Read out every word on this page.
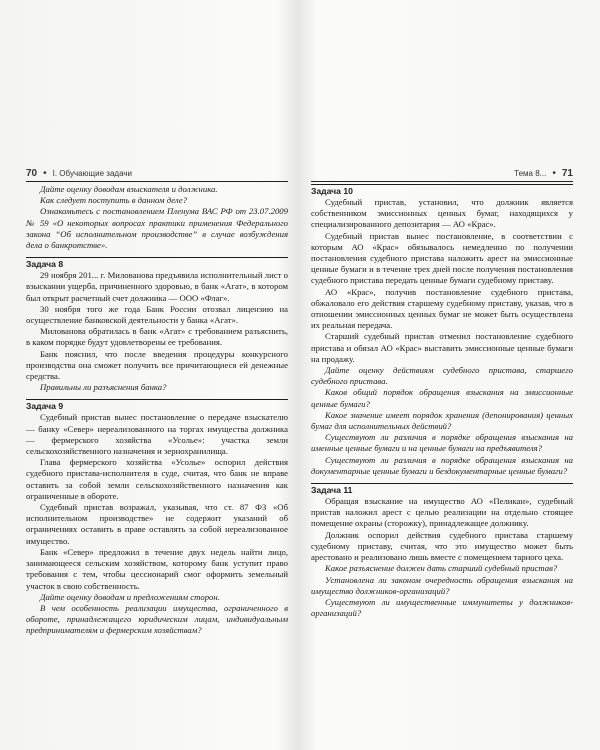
70 • I. Обучающие задачи

Дайте оценку доводам взыскателя и должника.

Как следует поступить в данном деле?

Ознакомьтесь с постановлением Пленума ВАС РФ от 23.07.2009 № 59 «О некоторых вопросах практики применения Федерального закона “Об исполнительном производстве” в случае возбуждения дела о банкротстве».

Задача 8

29 ноября 201... г. Милованова предъявила исполнительный лист о взыскании ущерба, причиненного здоровью, в банк «Агат», в котором был открыт расчетный счет должника — ООО «Флаг».

30 ноября того же года Банк России отозвал лицензию на осуществление банковской деятельности у банка «Агат».

Милованова обратилась в банк «Агат» с требованием разъяснить, в каком порядке будут удовлетворены ее требования.

Банк пояснил, что после введения процедуры конкурсного производства она сможет получить все причитающиеся ей денежные средства.

Правильны ли разъяснения банка?

Задача 9

Судебный пристав вынес постановление о передаче взыскателю — банку «Север» нереализованного на торгах имущества должника — фермерского хозяйства «Усолье»: участка земли сельскохозяйственного назначения и зернохранилища.

Глава фермерского хозяйства «Усолье» оспорил действия судебного пристава-исполнителя в суде, считая, что банк не вправе оставить за собой земли сельскохозяйственного назначения как ограниченные в обороте.

Судебный пристав возражал, указывая, что ст. 87 ФЗ «Об исполнительном производстве» не содержит указаний об ограничениях оставить в праве оставлять за собой нереализованное имущество.

Банк «Север» предложил в течение двух недель найти лицо, занимающееся сельским хозяйством, которому банк уступит право требования с тем, чтобы цессионарий смог оформить земельный участок в свою собственность.

Дайте оценку доводам и предложениям сторон.

В чем особенность реализации имущества, ограниченного в обороте, принадлежащего юридическим лицам, индивидуальным предпринимателям и фермерским хозяйствам?

Тема 8... • 71
Задача 10

Судебный пристав, установил, что должник является собственником эмиссионных ценных бумаг, находящихся у специализированного депозитария — АО «Крас».

Судебный пристав вынес постановление, в соответствии с которым АО «Крас» обязывалось немедленно по получении постановления судебного пристава наложить арест на эмиссионные ценные бумаги и в течение трех дней после получения постановления судебного пристава передать ценные бумаги судебному приставу.

АО «Крас», получив постановление судебного пристава, обжаловало его действия старшему судебному приставу, указав, что в отношении эмиссионных ценных бумаг не может быть осуществлена их реальная передача.

Старший судебный пристав отменил постановление судебного пристава и обязал АО «Крас» выставить эмиссионные ценные бумаги на продажу.

Дайте оценку действиям судебного пристава, старшего судебного пристава.

Каков общий порядок обращения взыскания на эмиссионные ценные бумаги?

Какое значение имеет порядок хранения (депонирования) ценных бумаг для исполнительных действий?

Существуют ли различия в порядке обращения взыскания на именные ценные бумаги и на ценные бумаги на предъявителя?

Существуют ли различия в порядке обращения взыскания на документарные ценные бумаги и бездокументарные ценные бумаги?

Задача 11

Обращая взыскание на имущество АО «Пеликан», судебный пристав наложил арест с целью реализации на отдельно стоящее помещение охраны (сторожку), принадлежащее должнику.

Должник оспорил действия судебного пристава старшему судебному приставу, считая, что это имущество может быть арестовано и реализовано лишь вместе с помещением тарного цеха.

Какое разъяснение должен дать старший судебный пристав?

Установлена ли законом очередность обращения взыскания на имущество должников-организаций?

Существуют ли имущественные иммунитеты у должников-организаций?
